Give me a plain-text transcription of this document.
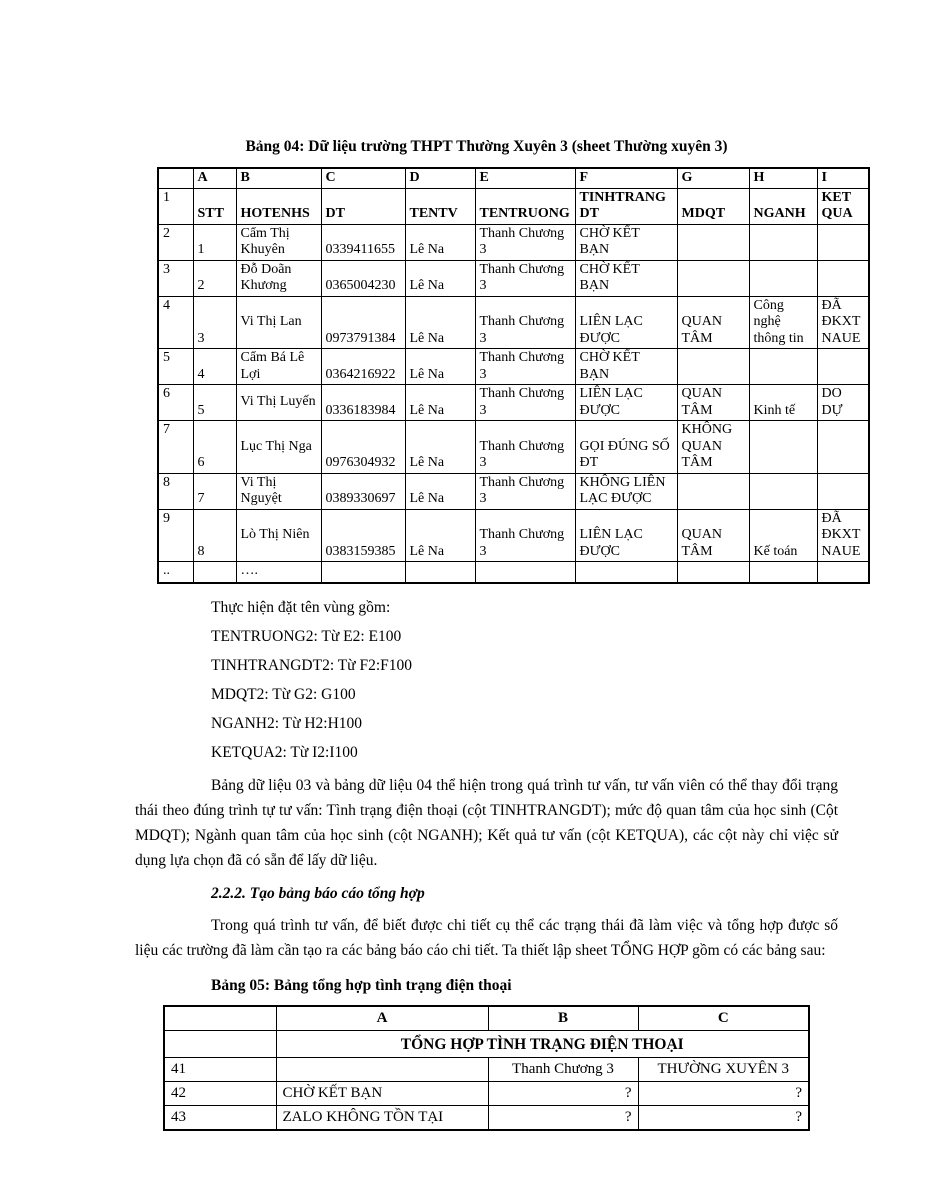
Bảng 04: Dữ liệu trường THPT Thường Xuyên 3 (sheet Thường xuyên 3)
	A	B	C	D	E	F	G	H	I
1	STT	HOTENHS	DT	TENTV	TENTRUONG	TINHTRANG DT	MDQT	NGANH	KET QUA
2	1	Cẩm Thị Khuyên	0339411655	Lê Na	Thanh Chương 3	CHỜ KẾT BẠN			
3	2	Đỗ Doãn Khương	0365004230	Lê Na	Thanh Chương 3	CHỜ KẾT BẠN			
4	3	Vi Thị Lan	0973791384	Lê Na	Thanh Chương 3	LIÊN LẠC ĐƯỢC	QUAN TÂM	Công nghệ thông tin	ĐÃ ĐKXT NAUE
5	4	Cẩm Bá Lê Lợi	0364216922	Lê Na	Thanh Chương 3	CHỜ KẾT BẠN			
6	5	Vi Thị Luyến	0336183984	Lê Na	Thanh Chương 3	LIÊN LẠC ĐƯỢC	QUAN TÂM	Kinh tế	DO DỰ
7	6	Lục Thị Nga	0976304932	Lê Na	Thanh Chương 3	GỌI ĐÚNG SỐ ĐT	KHÔNG QUAN TÂM		
8	7	Vi Thị Nguyệt	0389330697	Lê Na	Thanh Chương 3	KHÔNG LIÊN LẠC ĐƯỢC			
9	8	Lò Thị Niên	0383159385	Lê Na	Thanh Chương 3	LIÊN LẠC ĐƯỢC	QUAN TÂM	Kế toán	ĐÃ ĐKXT NAUE
..		….							

Thực hiện đặt tên vùng gồm:

TENTRUONG2: Từ E2: E100

TINHTRANGDT2: Từ F2:F100

MDQT2: Từ G2: G100

NGANH2: Từ H2:H100

KETQUA2: Từ I2:I100

Bảng dữ liệu 03 và bảng dữ liệu 04 thể hiện trong quá trình tư vấn, tư vấn viên có thể thay đổi trạng thái theo đúng trình tự tư vấn: Tình trạng điện thoại (cột TINHTRANGDT); mức độ quan tâm của học sinh (Cột MDQT); Ngành quan tâm của học sinh (cột NGANH); Kết quả tư vấn (cột KETQUA), các cột này chỉ việc sử dụng lựa chọn đã có sẵn để lấy dữ liệu.

2.2.2. Tạo bảng báo cáo tổng hợp

Trong quá trình tư vấn, để biết được chi tiết cụ thể các trạng thái đã làm việc và tổng hợp được số liệu các trường đã làm cần tạo ra các bảng báo cáo chi tiết. Ta thiết lập sheet TỔNG HỢP gồm có các bảng sau:

Bảng 05: Bảng tổng hợp tình trạng điện thoại
	A	B	C
	TỔNG HỢP TÌNH TRẠNG ĐIỆN THOẠI		
41		Thanh Chương 3	THƯỜNG XUYÊN 3
42	CHỜ KẾT BẠN	?	?
43	ZALO KHÔNG TỒN TẠI	?	?
